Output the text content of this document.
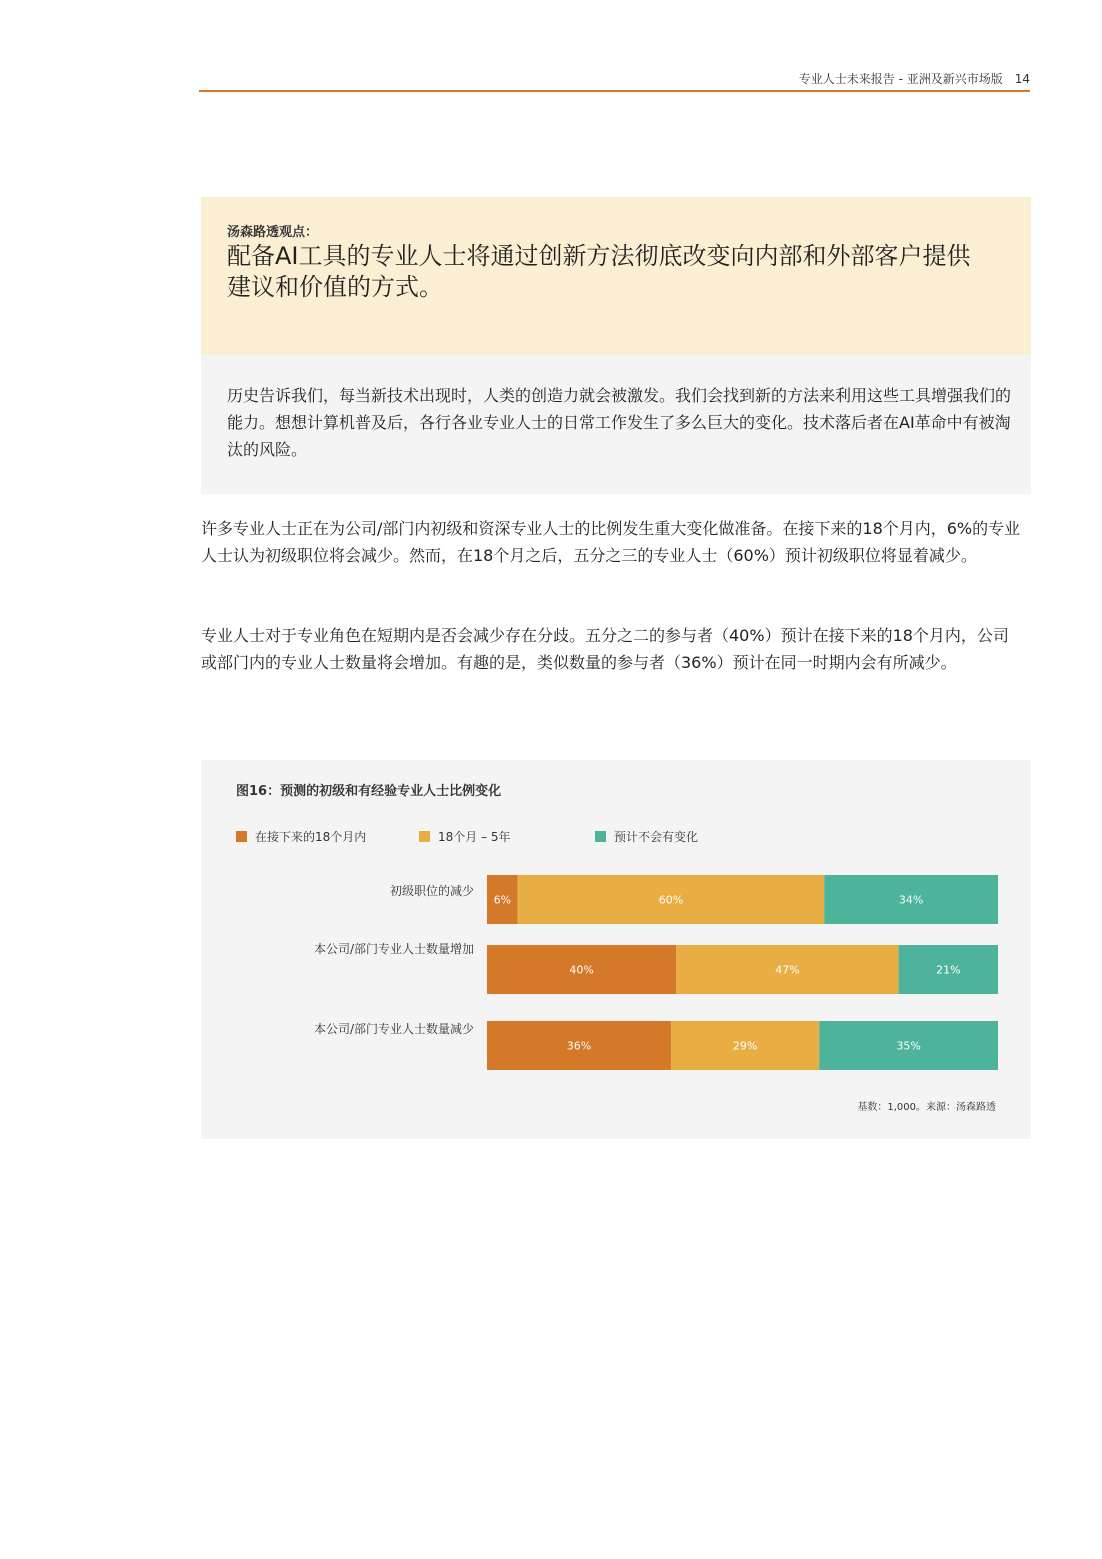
专业人士未来报告 - 亚洲及新兴市场版 14
汤森路透观点：
配备AI工具的专业人士将通过创新方法彻底改变向内部和外部客户提供建议和价值的方式。

历史告诉我们，每当新技术出现时，人类的创造力就会被激发。我们会找到新的方法来利用这些工具增强我们的能力。想想计算机普及后，各行各业专业人士的日常工作发生了多么巨大的变化。技术落后者在AI革命中有被淘汰的风险。

许多专业人士正在为公司/部门内初级和资深专业人士的比例发生重大变化做准备。在接下来的18个月内，6%的专业人士认为初级职位将会减少。然而，在18个月之后，五分之三的专业人士（60%）预计初级职位将显着减少。

专业人士对于专业角色在短期内是否会减少存在分歧。五分之二的参与者（40%）预计在接下来的18个月内，公司或部门内的专业人士数量将会增加。有趣的是，类似数量的参与者（36%）预计在同一时期内会有所减少。

图16：预测的初级和有经验专业人士比例变化
在接下来的18个月内	18个月 – 5年	预计不会有变化
初级职位的减少
6%	60%	34%
本公司/部门专业人士数量增加
40%	47%	21%
本公司/部门专业人士数量减少
36%	29%	35%
基数：1,000。来源：汤森路透
